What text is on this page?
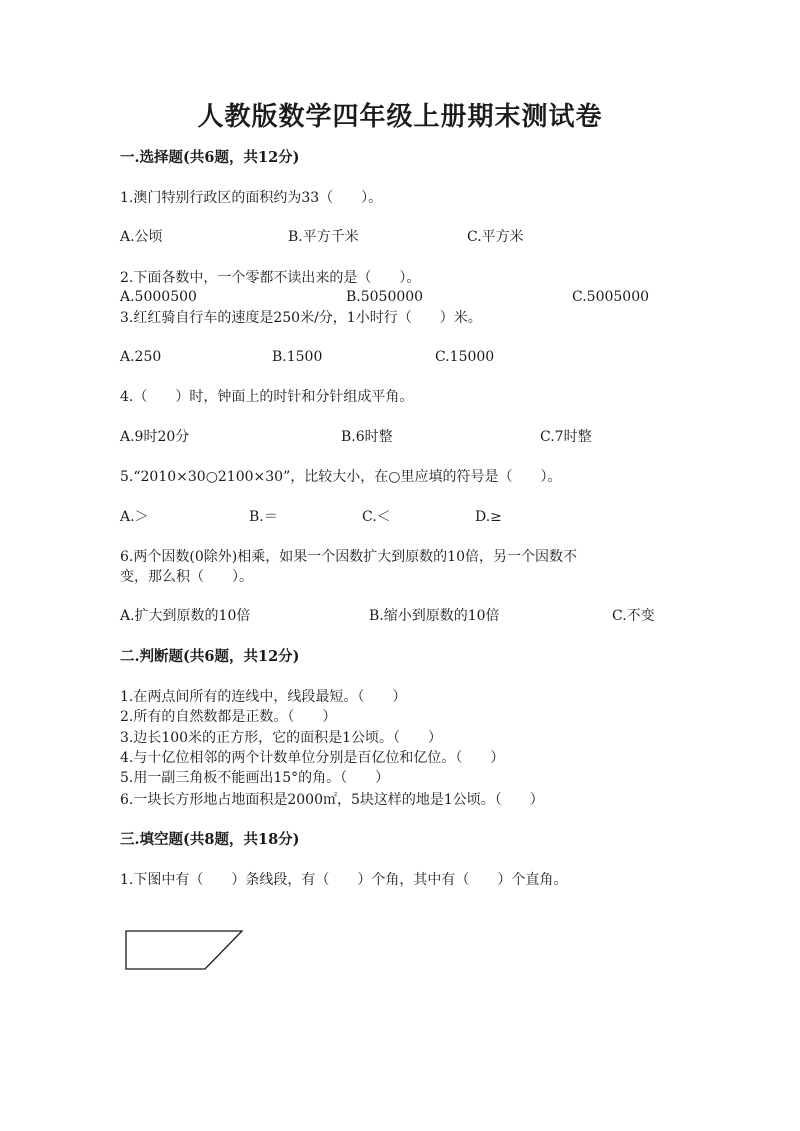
人教版数学四年级上册期末测试卷
一.选择题(共6题，共12分)
1.澳门特别行政区的面积约为33（　　）。
A.公顷	B.平方千米	C.平方米
2.下面各数中，一个零都不读出来的是（　　）。
A.5000500	B.5050000	C.5005000
3.红红骑自行车的速度是250米/分，1小时行（　　）米。
A.250	B.1500	C.15000
4.（　　）时，钟面上的时针和分针组成平角。
A.9时20分	B.6时整	C.7时整
5.“2010×30○2100×30”，比较大小，在○里应填的符号是（　　）。
A.＞	B.＝	C.＜	D.≥
6.两个因数(0除外)相乘，如果一个因数扩大到原数的10倍，另一个因数不
变，那么积（　　）。
A.扩大到原数的10倍	B.缩小到原数的10倍	C.不变
二.判断题(共6题，共12分)
1.在两点间所有的连线中，线段最短。（　　）
2.所有的自然数都是正数。（　　）
3.边长100米的正方形，它的面积是1公顷。（　　）
4.与十亿位相邻的两个计数单位分别是百亿位和亿位。（　　）
5.用一副三角板不能画出15°的角。（　　）
6.一块长方形地占地面积是2000㎡，5块这样的地是1公顷。（　　）
三.填空题(共8题，共18分)
1.下图中有（　　）条线段，有（　　）个角，其中有（　　）个直角。
